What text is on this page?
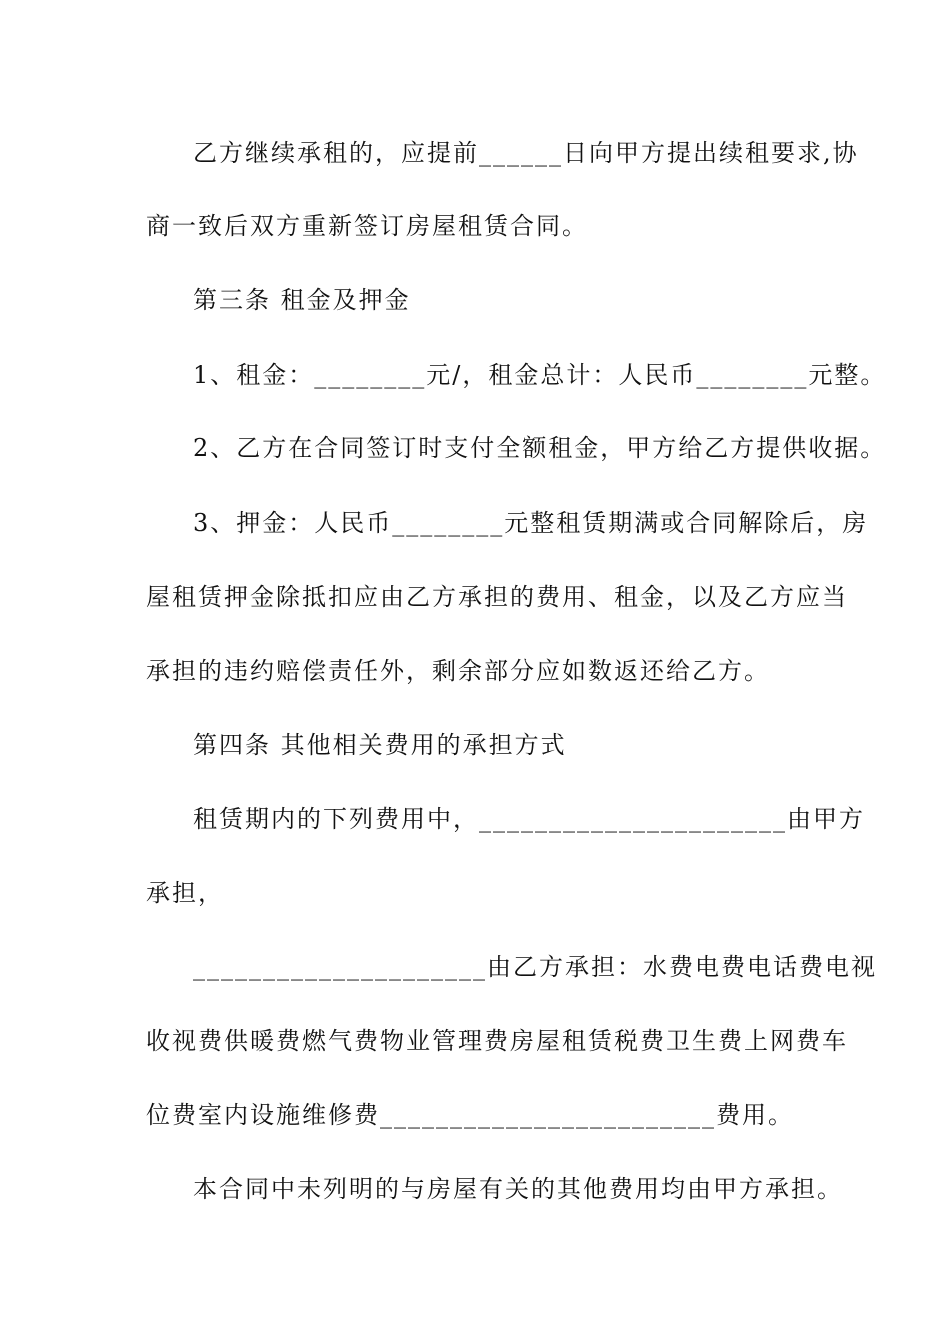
乙方继续承租的，应提前______日向甲方提出续租要求,协
商一致后双方重新签订房屋租赁合同。
第三条 租金及押金
1、租金：________元/，租金总计：人民币________元整。
2、乙方在合同签订时支付全额租金，甲方给乙方提供收据。
3、押金：人民币________元整租赁期满或合同解除后，房
屋租赁押金除抵扣应由乙方承担的费用、租金，以及乙方应当
承担的违约赔偿责任外，剩余部分应如数返还给乙方。
第四条 其他相关费用的承担方式
租赁期内的下列费用中，______________________由甲方
承担，
_____________________由乙方承担：水费电费电话费电视
收视费供暖费燃气费物业管理费房屋租赁税费卫生费上网费车
位费室内设施维修费________________________费用。
本合同中未列明的与房屋有关的其他费用均由甲方承担。
